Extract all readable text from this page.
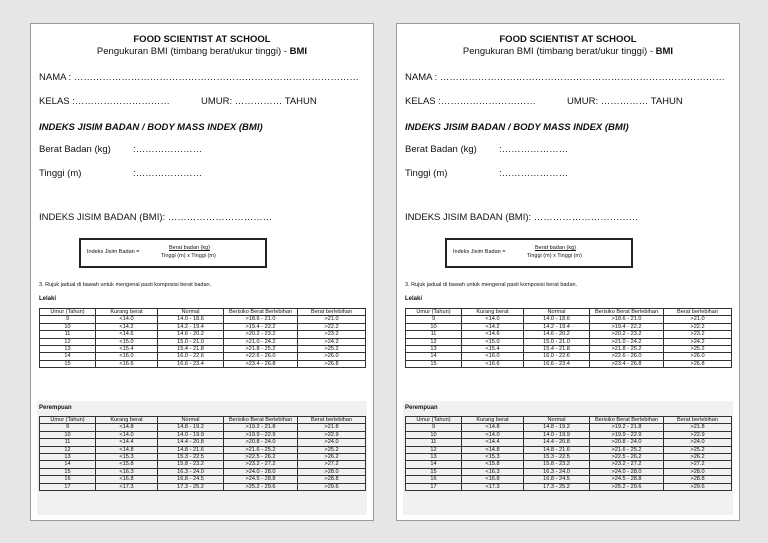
FOOD SCIENTIST AT SCHOOL
Pengukuran BMI (timbang berat/ukur tinggi) - BMI
NAMA : ………………………………………………………………………………
KELAS :…………………………	UMUR: …………… TAHUN
INDEKS JISIM BADAN / BODY MASS INDEX (BMI)
Berat Badan (kg) :…………………
Tinggi (m)	:…………………
INDEKS JISIM BADAN (BMI): ……………………………
Indeks Jisim Badan =
Berat badan (kg)
Tinggi (m) x Tinggi (m)
3. Rujuk jadual di bawah untuk mengenal pasti komposisi berat badan.
Lelaki
Umur (Tahun)	Kurang berat	Normal	Berisiko Berat Berlebihan	Berat berlebihan
9	<14.0	14.0 - 18.6	>18.6 - 21.0	>21.0
10	<14.2	14.2 - 19.4	>19.4 - 22.2	>22.2
11	<14.6	14.6 - 20.2	>20.2 - 23.2	>23.2
12	<15.0	15.0 - 21.0	>21.0 - 24.2	>24.2
13	<15.4	15.4 - 21.8	>21.8 - 25.2	>25.2
14	<16.0	16.0 - 22.6	>22.6 - 26.0	>26.0
15	<16.6	16.6 - 23.4	>23.4 - 26.8	>26.8
Perempuan
Umur (Tahun)	Kurang berat	Normal	Berisiko Berat Berlebihan	Berat berlebihan
9	<14.8	14.8 - 19.2	>19.2 - 21.8	>21.8
10	<14.0	14.0 - 19.9	>19.9 - 22.9	>22.9
11	<14.4	14.4 - 20.8	>20.8 - 24.0	>24.0
12	<14.8	14.8 - 21.6	>21.6 - 25.2	>25.2
13	<15.3	15.3 - 22.5	>22.5 - 26.2	>26.2
14	<15.8	15.8 - 23.2	>23.2 - 27.2	>27.2
15	<16.3	16.3 - 24.0	>24.0 - 28.0	>28.0
16	<16.8	16.8 - 24.5	>24.5 - 28.8	>28.8
17	<17.3	17.3 - 25.2	>25.2 - 29.6	>29.6
FOOD SCIENTIST AT SCHOOL
Pengukuran BMI (timbang berat/ukur tinggi) - BMI
NAMA : ………………………………………………………………………………
KELAS :…………………………	UMUR: …………… TAHUN
INDEKS JISIM BADAN / BODY MASS INDEX (BMI)
Berat Badan (kg) :…………………
Tinggi (m)	:…………………
INDEKS JISIM BADAN (BMI): ……………………………
Indeks Jisim Badan =
Berat badan (kg)
Tinggi (m) x Tinggi (m)
3. Rujuk jadual di bawah untuk mengenal pasti komposisi berat badan.
Lelaki
Umur (Tahun)	Kurang berat	Normal	Berisiko Berat Berlebihan	Berat berlebihan
9	<14.0	14.0 - 18.6	>18.6 - 21.0	>21.0
10	<14.2	14.2 - 19.4	>19.4 - 22.2	>22.2
11	<14.6	14.6 - 20.2	>20.2 - 23.2	>23.2
12	<15.0	15.0 - 21.0	>21.0 - 24.2	>24.2
13	<15.4	15.4 - 21.8	>21.8 - 25.2	>25.2
14	<16.0	16.0 - 22.6	>22.6 - 26.0	>26.0
15	<16.6	16.6 - 23.4	>23.4 - 26.8	>26.8
Perempuan
Umur (Tahun)	Kurang berat	Normal	Berisiko Berat Berlebihan	Berat berlebihan
9	<14.8	14.8 - 19.2	>19.2 - 21.8	>21.8
10	<14.0	14.0 - 19.9	>19.9 - 22.9	>22.9
11	<14.4	14.4 - 20.8	>20.8 - 24.0	>24.0
12	<14.8	14.8 - 21.6	>21.6 - 25.2	>25.2
13	<15.3	15.3 - 22.5	>22.5 - 26.2	>26.2
14	<15.8	15.8 - 23.2	>23.2 - 27.2	>27.2
15	<16.3	16.3 - 24.0	>24.0 - 28.0	>28.0
16	<16.8	16.8 - 24.5	>24.5 - 28.8	>28.8
17	<17.3	17.3 - 25.2	>25.2 - 29.6	>29.6
